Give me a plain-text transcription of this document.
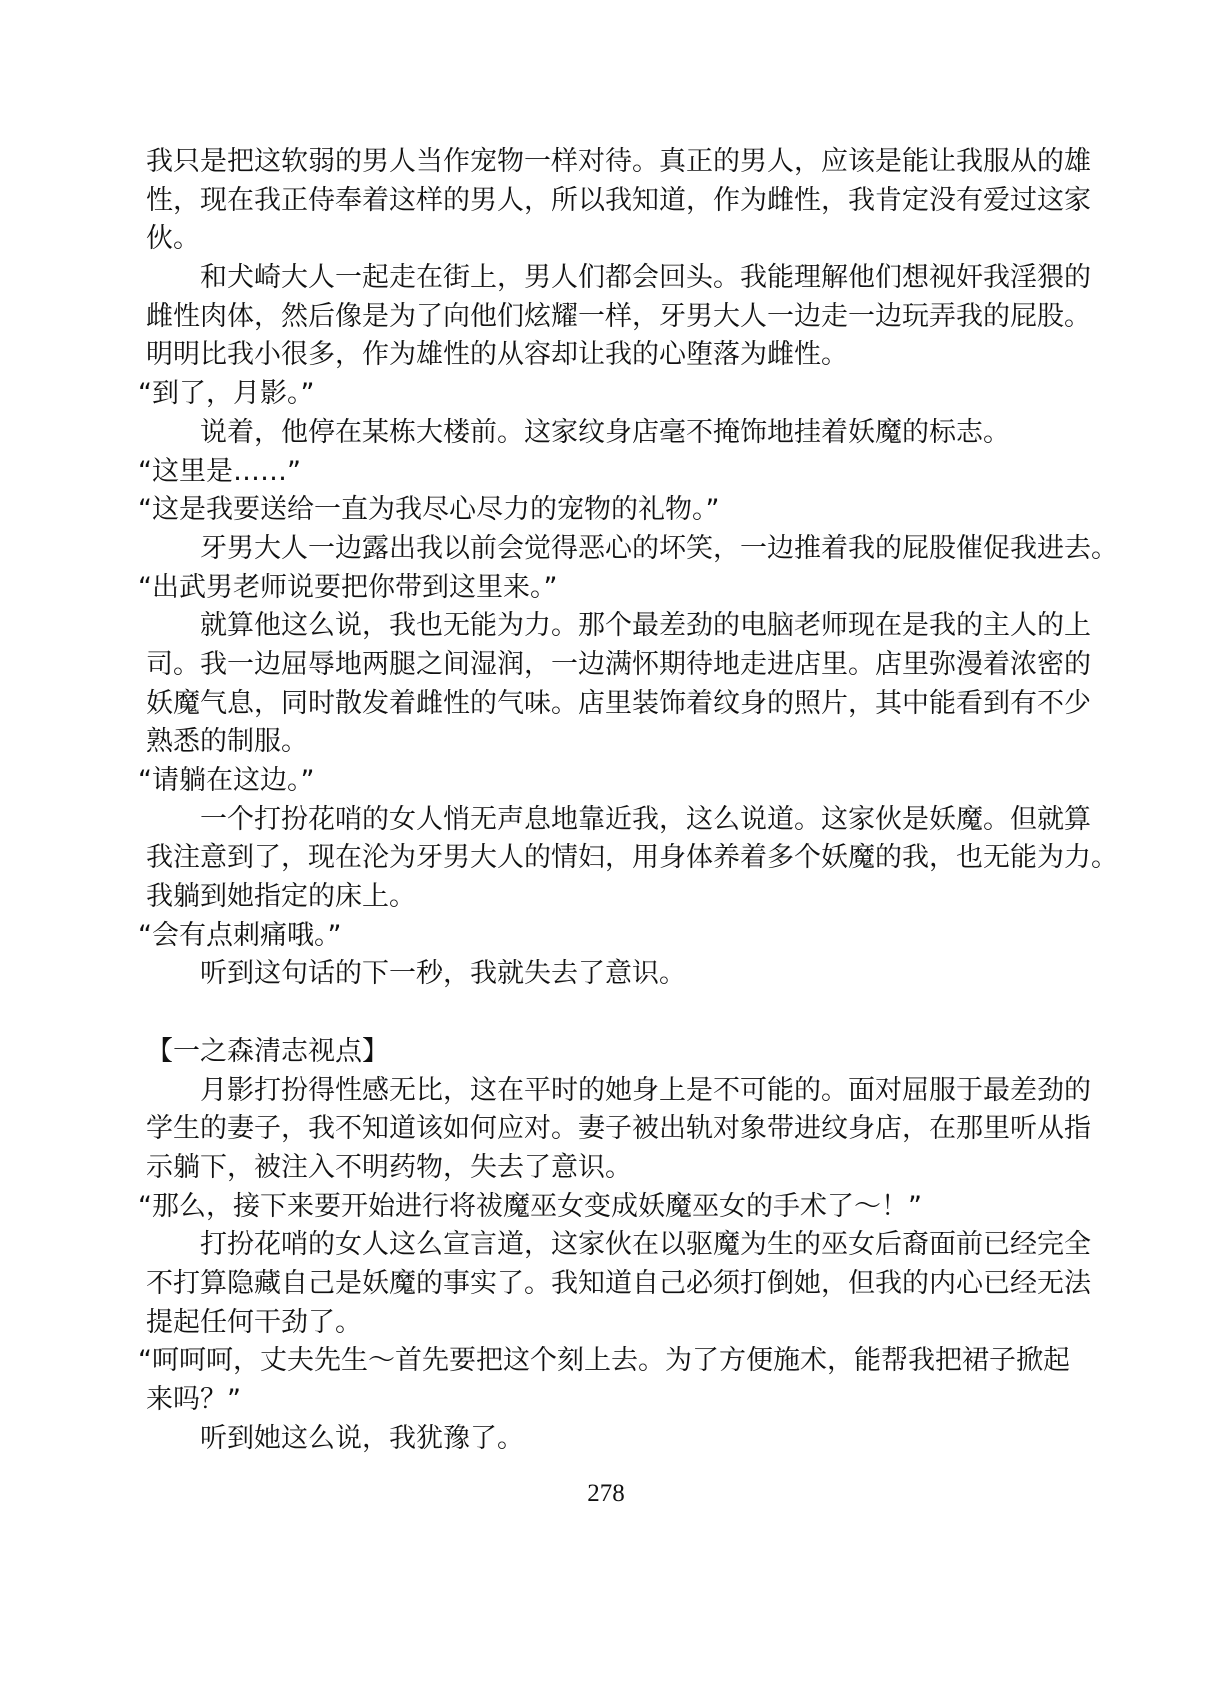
我只是把这软弱的男人当作宠物一样对待。真正的男人，应该是能让我服从的雄
性，现在我正侍奉着这样的男人，所以我知道，作为雌性，我肯定没有爱过这家
伙。
和犬崎大人一起走在街上，男人们都会回头。我能理解他们想视奸我淫猥的
雌性肉体，然后像是为了向他们炫耀一样，牙男大人一边走一边玩弄我的屁股。
明明比我小很多，作为雄性的从容却让我的心堕落为雌性。
“到了，月影。”
说着，他停在某栋大楼前。这家纹身店毫不掩饰地挂着妖魔的标志。
“这里是……”
“这是我要送给一直为我尽心尽力的宠物的礼物。”
牙男大人一边露出我以前会觉得恶心的坏笑，一边推着我的屁股催促我进去。
“出武男老师说要把你带到这里来。”
就算他这么说，我也无能为力。那个最差劲的电脑老师现在是我的主人的上
司。我一边屈辱地两腿之间湿润，一边满怀期待地走进店里。店里弥漫着浓密的
妖魔气息，同时散发着雌性的气味。店里装饰着纹身的照片，其中能看到有不少
熟悉的制服。
“请躺在这边。”
一个打扮花哨的女人悄无声息地靠近我，这么说道。这家伙是妖魔。但就算
我注意到了，现在沦为牙男大人的情妇，用身体养着多个妖魔的我，也无能为力。
我躺到她指定的床上。
“会有点刺痛哦。”
听到这句话的下一秒，我就失去了意识。
【一之森清志视点】
月影打扮得性感无比，这在平时的她身上是不可能的。面对屈服于最差劲的
学生的妻子，我不知道该如何应对。妻子被出轨对象带进纹身店，在那里听从指
示躺下，被注入不明药物，失去了意识。
“那么，接下来要开始进行将祓魔巫女变成妖魔巫女的手术了～！”
打扮花哨的女人这么宣言道，这家伙在以驱魔为生的巫女后裔面前已经完全
不打算隐藏自己是妖魔的事实了。我知道自己必须打倒她，但我的内心已经无法
提起任何干劲了。
“呵呵呵，丈夫先生～首先要把这个刻上去。为了方便施术，能帮我把裙子掀起
来吗？”
听到她这么说，我犹豫了。
278
